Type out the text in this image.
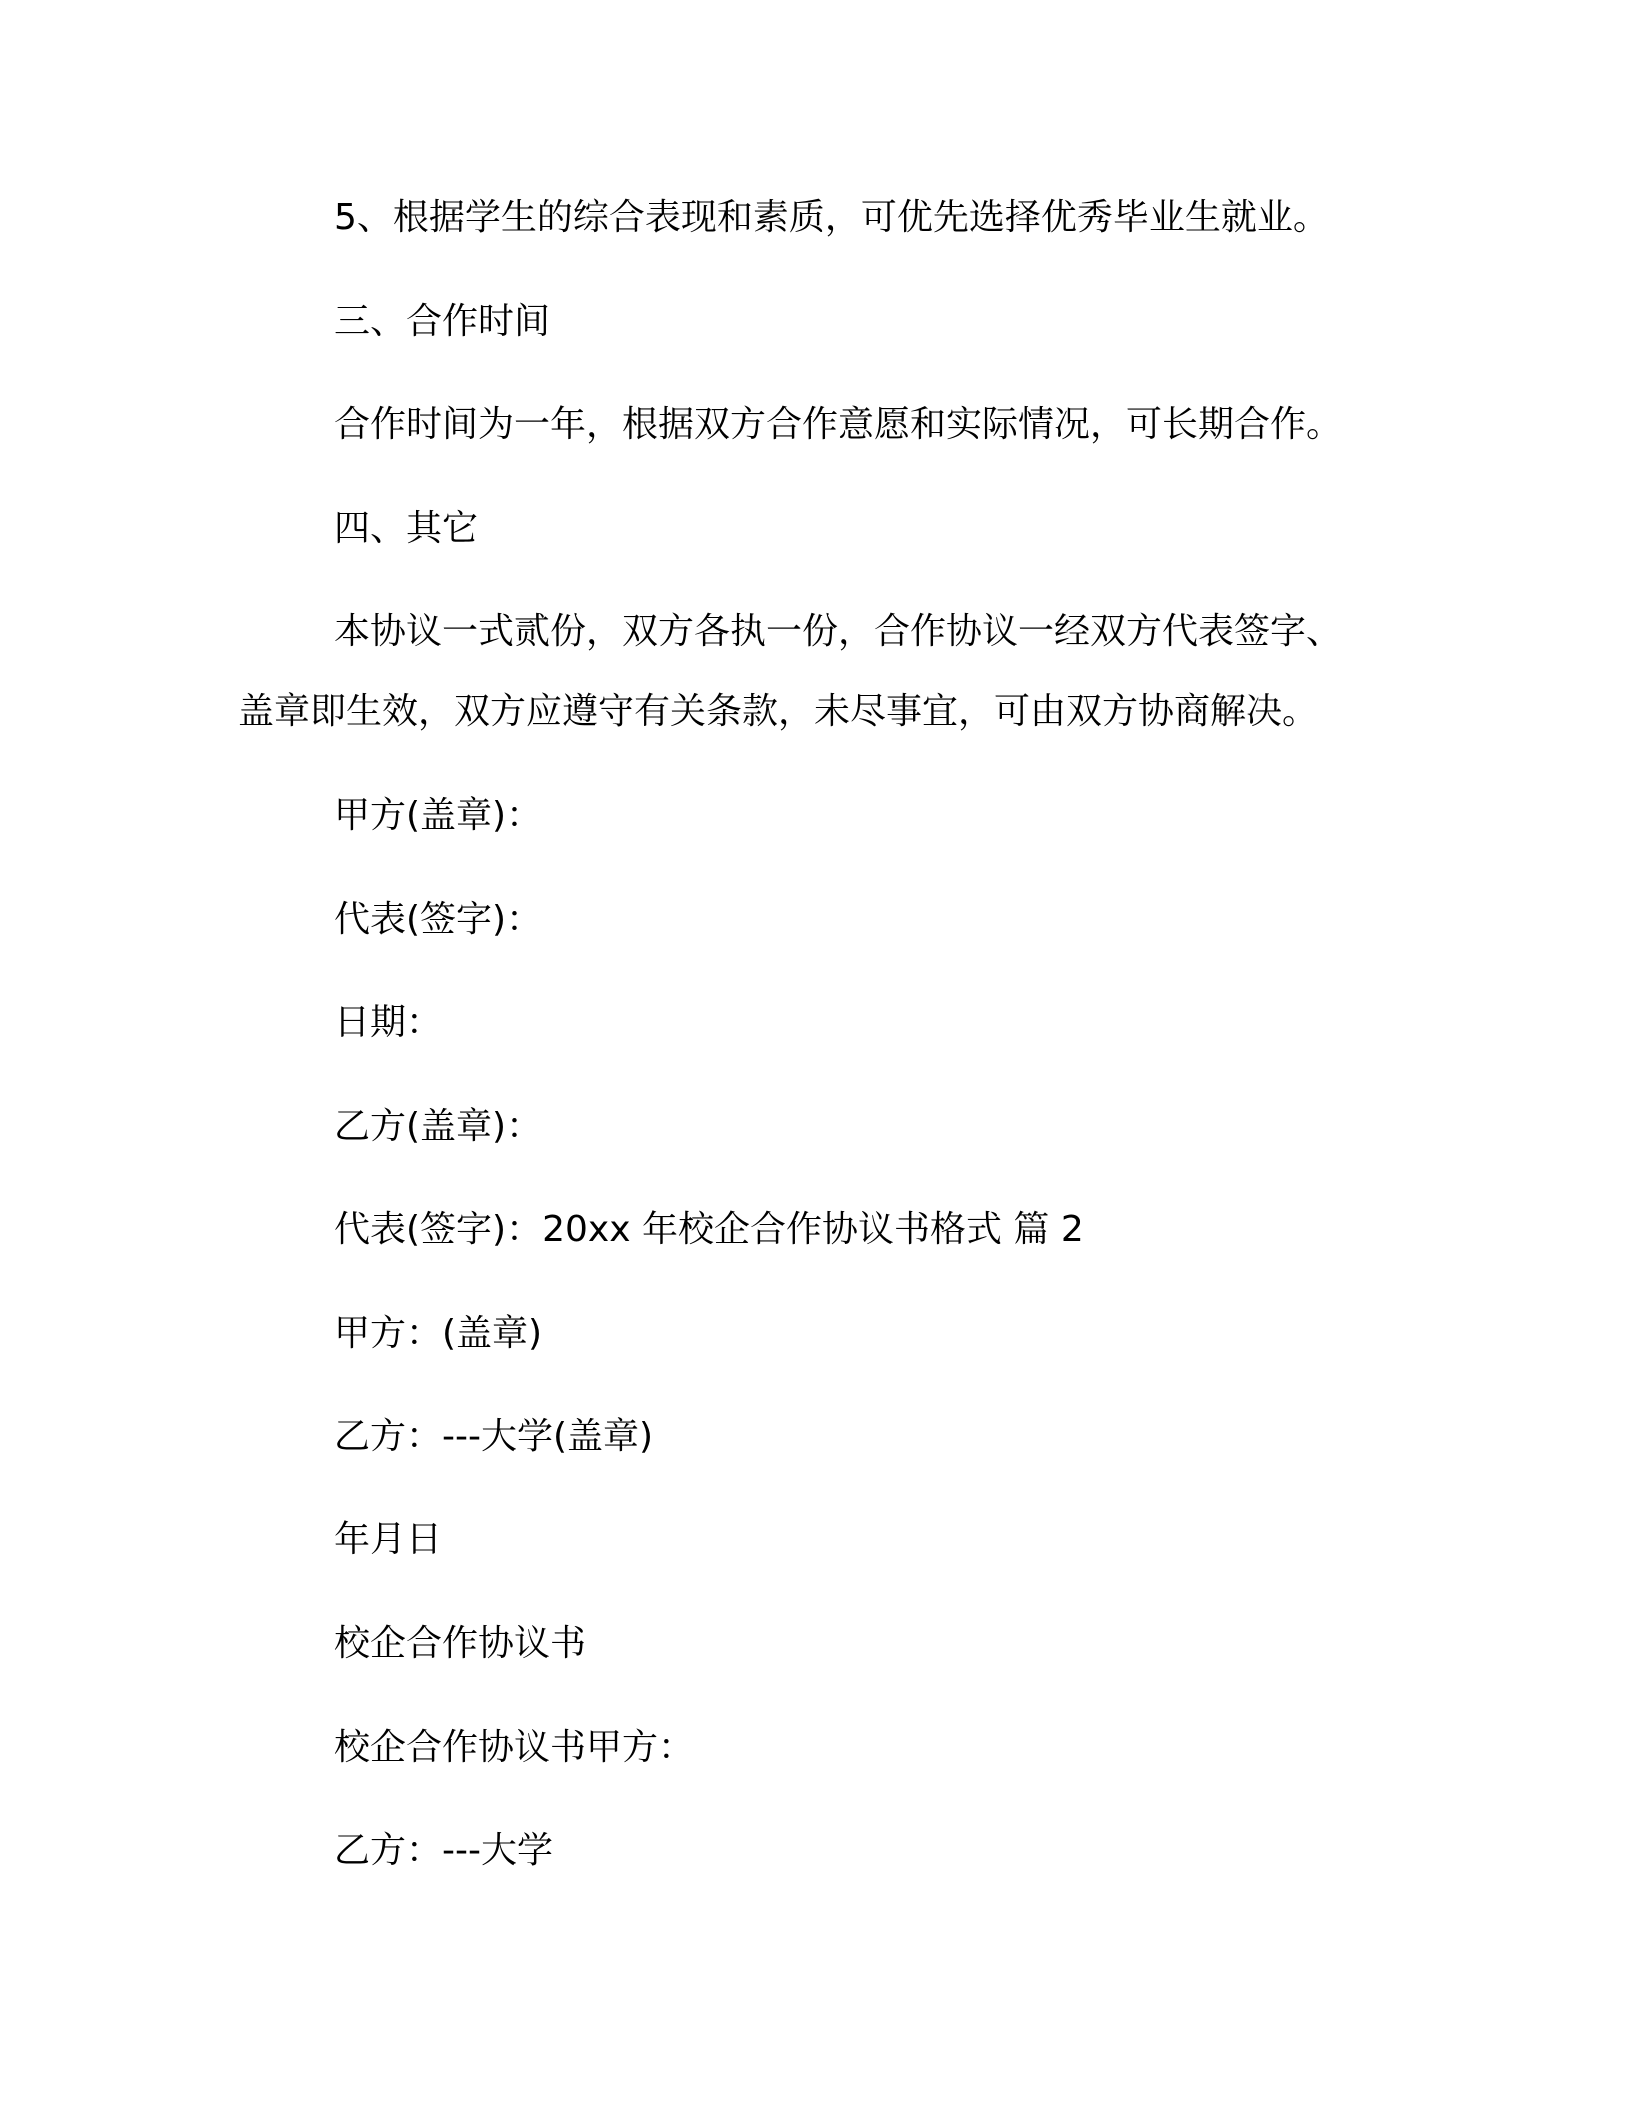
5、根据学生的综合表现和素质，可优先选择优秀毕业生就业。

三、合作时间

合作时间为一年，根据双方合作意愿和实际情况，可长期合作。

四、其它

本协议一式贰份，双方各执一份，合作协议一经双方代表签字、

盖章即生效，双方应遵守有关条款，未尽事宜，可由双方协商解决。

甲方(盖章)：

代表(签字)：

日期：

乙方(盖章)：

代表(签字)：20xx 年校企合作协议书格式 篇 2

甲方：(盖章)

乙方：---大学(盖章)

年月日

校企合作协议书

校企合作协议书甲方：

乙方：---大学
